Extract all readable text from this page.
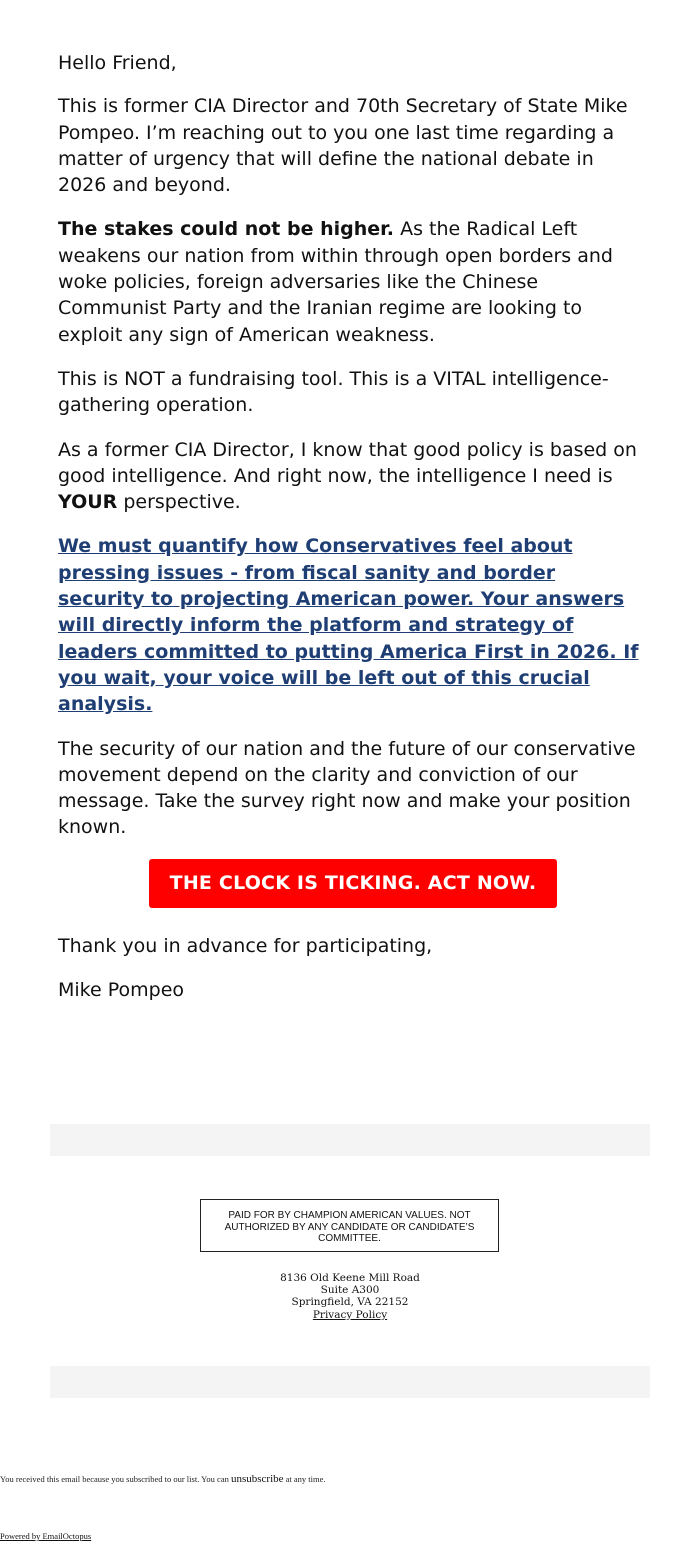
Hello Friend,

This is former CIA Director and 70th Secretary of State Mike Pompeo. I’m reaching out to you one last time regarding a matter of urgency that will define the national debate in 2026 and beyond.

The stakes could not be higher. As the Radical Left weakens our nation from within through open borders and woke policies, foreign adversaries like the Chinese Communist Party and the Iranian regime are looking to exploit any sign of American weakness.

This is NOT a fundraising tool. This is a VITAL intelligence-gathering operation.

As a former CIA Director, I know that good policy is based on good intelligence. And right now, the intelligence I need is YOUR perspective.

We must quantify how Conservatives feel about pressing issues - from fiscal sanity and border security to projecting American power. Your answers will directly inform the platform and strategy of leaders committed to putting America First in 2026. If you wait, your voice will be left out of this crucial analysis.

The security of our nation and the future of our conservative movement depend on the clarity and conviction of our message. Take the survey right now and make your position known.

THE CLOCK IS TICKING. ACT NOW.

Thank you in advance for participating,

Mike Pompeo

PAID FOR BY CHAMPION AMERICAN VALUES. NOT AUTHORIZED BY ANY CANDIDATE OR CANDIDATE’S COMMITTEE.
8136 Old Keene Mill Road
Suite A300
Springfield, VA 22152
Privacy Policy
You received this email because you subscribed to our list. You can unsubscribe at any time.
Powered by EmailOctopus
